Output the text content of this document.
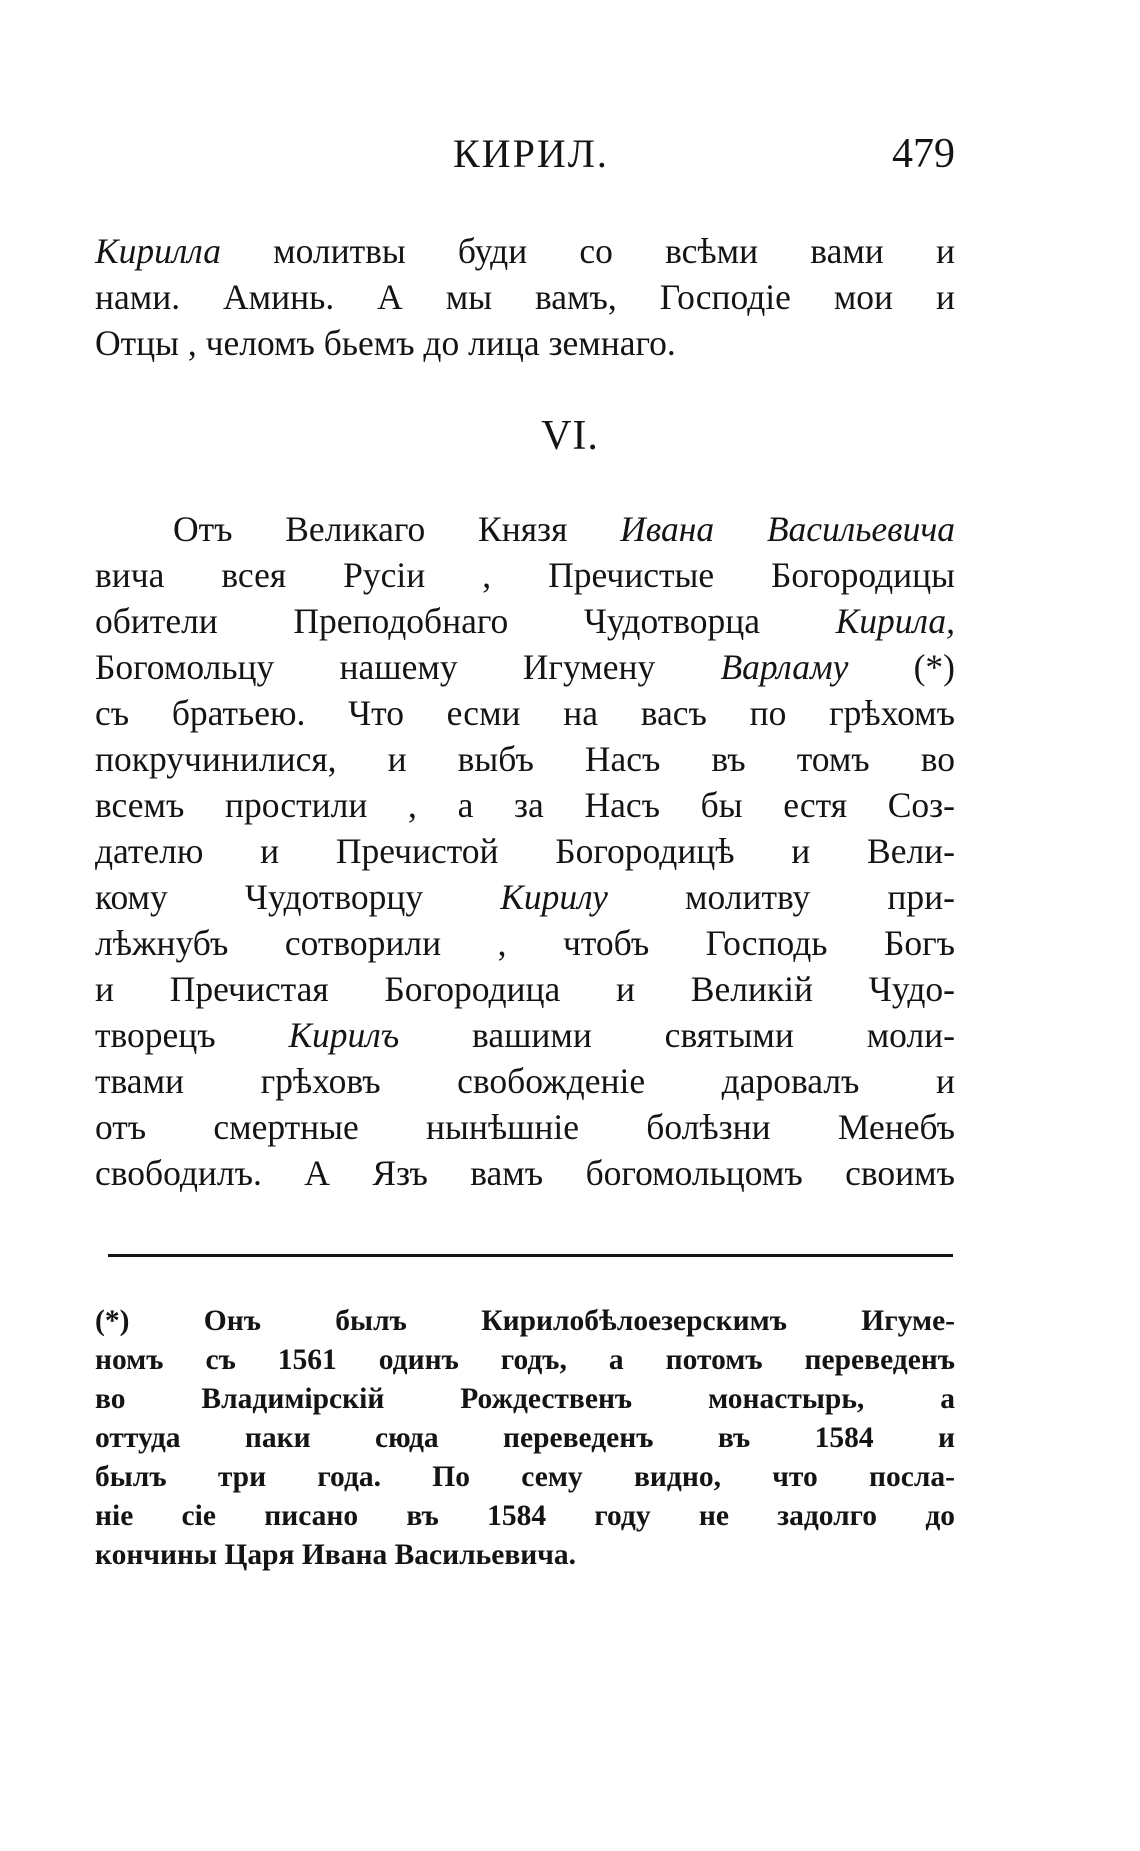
КИРИЛ.	479
Кирилла молитвы буди со всѣми вами и
нами. Аминь. А мы вамъ, Господіе мои и
Отцы , челомъ бьемъ до лица земнаго.
VI.
Отъ Великаго Князя Ивана Васильевича
вича всея Русіи , Пречистые Богородицы
обители Преподобнаго Чудотворца Кирила,
Богомольцу нашему Игумену Варламу (*)
съ братьею. Что есми на васъ по грѣхомъ
покручинилися, и выбъ Насъ въ томъ во
всемъ простили , а за Насъ бы естя Соз-
дателю и Пречистой Богородицѣ и Вели-
кому Чудотворцу Кирилу молитву при-
лѣжнубъ сотворили , чтобъ Господь Богъ
и Пречистая Богородица и Великій Чудо-
творецъ Кирилъ вашими святыми моли-
твами грѣховъ свобожденіе даровалъ и
отъ смертные нынѣшніе болѣзни Менебъ
свободилъ. А Язъ вамъ богомольцомъ своимъ
(*) Онъ былъ Кирилобѣлоезерскимъ Игуме-
номъ съ 1561 одинъ годъ, а потомъ переведенъ
во Владимірскій Рождественъ монастырь, а
оттуда паки сюда переведенъ въ 1584 и
былъ три года. По сему видно, что посла-
ніе сіе писано въ 1584 году не задолго до
кончины Царя Ивана Васильевича.
